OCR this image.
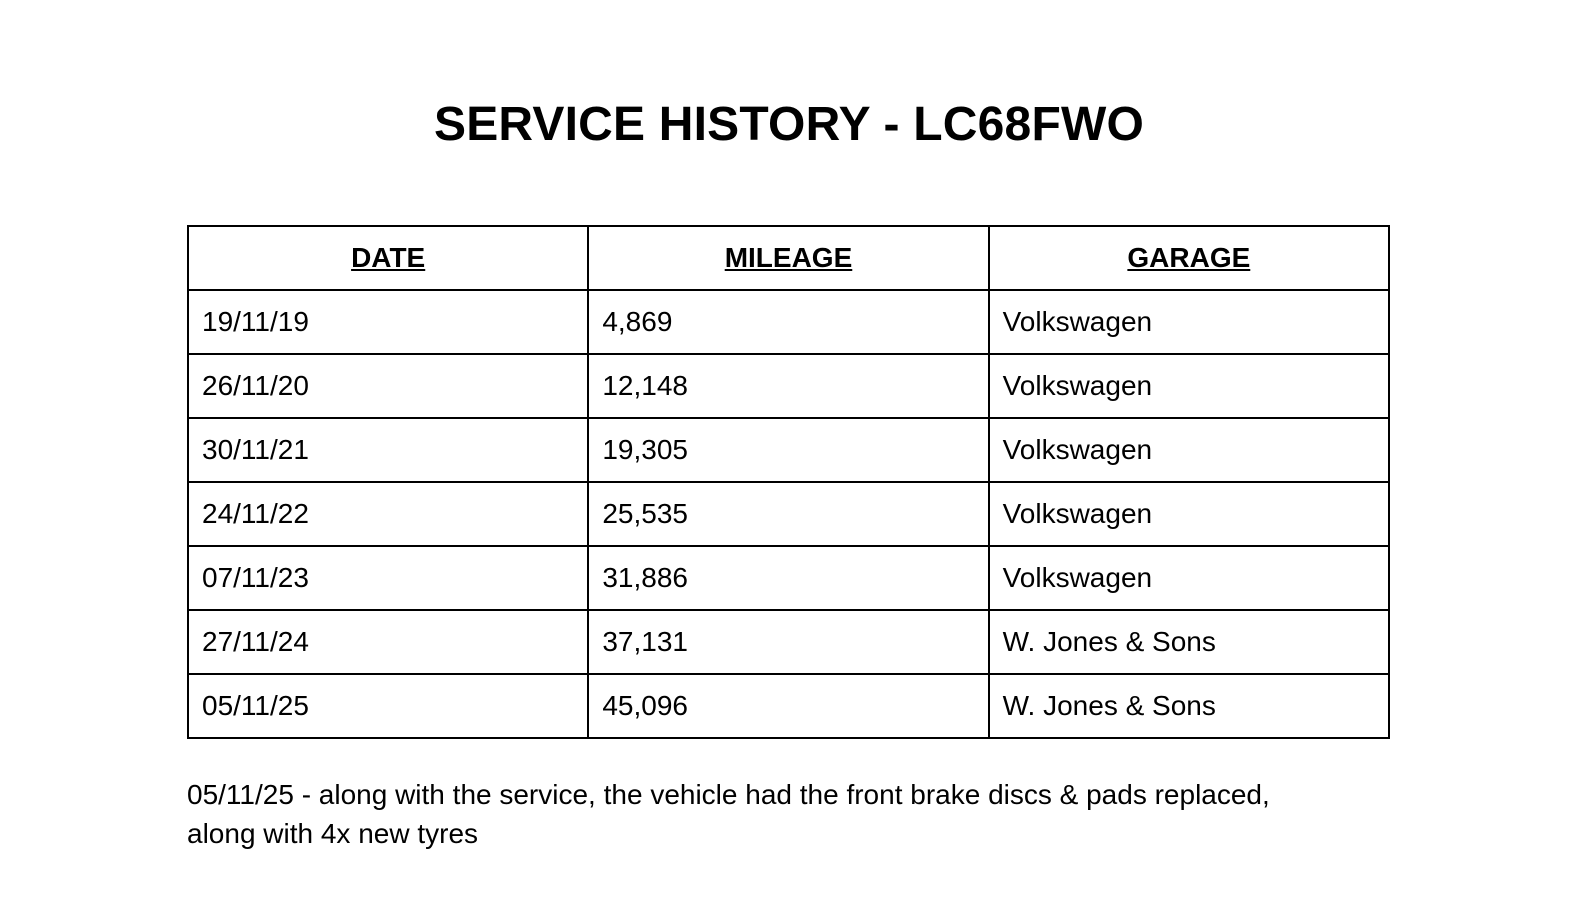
SERVICE HISTORY - LC68FWO
DATE	MILEAGE	GARAGE
19/11/19	4,869	Volkswagen
26/11/20	12,148	Volkswagen
30/11/21	19,305	Volkswagen
24/11/22	25,535	Volkswagen
07/11/23	31,886	Volkswagen
27/11/24	37,131	W. Jones & Sons
05/11/25	45,096	W. Jones & Sons

05/11/25 - along with the service, the vehicle had the front brake discs & pads replaced,
along with 4x new tyres
